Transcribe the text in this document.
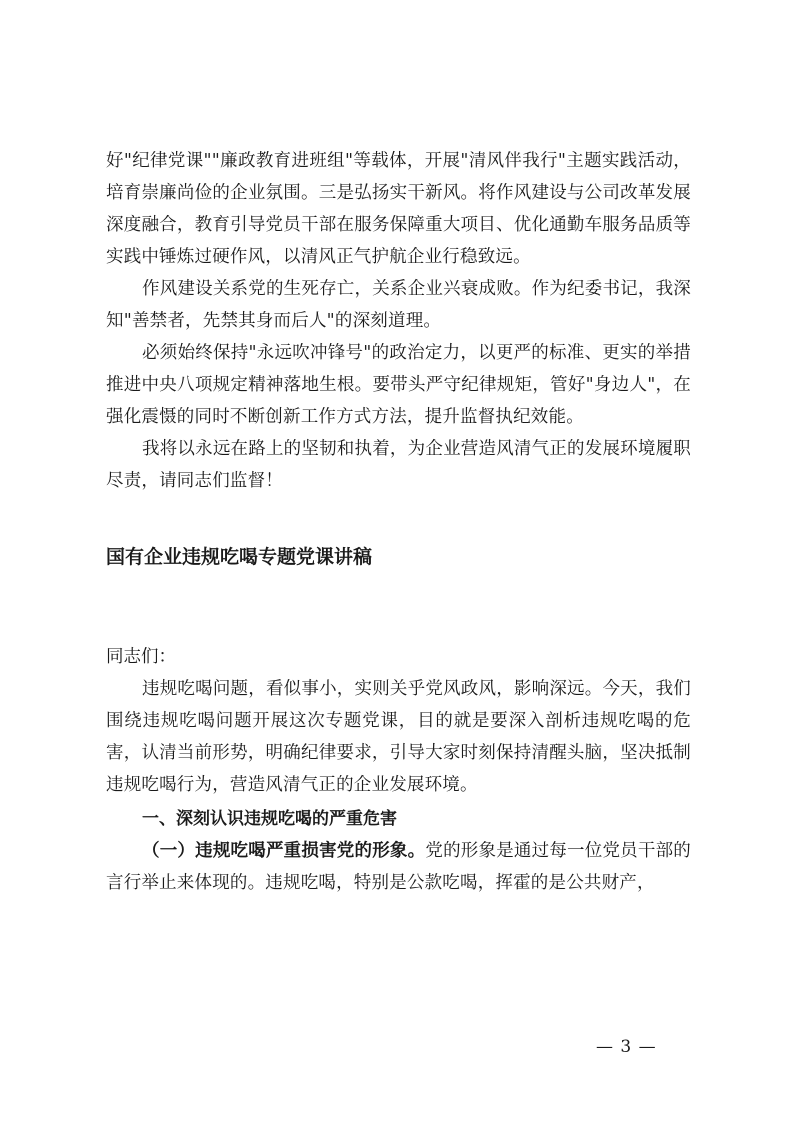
好"纪律党课""廉政教育进班组"等载体，开展"清风伴我行"主题实践活动，培育崇廉尚俭的企业氛围。三是弘扬实干新风。将作风建设与公司改革发展深度融合，教育引导党员干部在服务保障重大项目、优化通勤车服务品质等实践中锤炼过硬作风，以清风正气护航企业行稳致远。

作风建设关系党的生死存亡，关系企业兴衰成败。作为纪委书记，我深知"善禁者，先禁其身而后人"的深刻道理。

必须始终保持"永远吹冲锋号"的政治定力，以更严的标准、更实的举措推进中央八项规定精神落地生根。要带头严守纪律规矩，管好"身边人"，在强化震慑的同时不断创新工作方式方法，提升监督执纪效能。

我将以永远在路上的坚韧和执着，为企业营造风清气正的发展环境履职尽责，请同志们监督！

国有企业违规吃喝专题党课讲稿

同志们：

违规吃喝问题，看似事小，实则关乎党风政风，影响深远。今天，我们围绕违规吃喝问题开展这次专题党课，目的就是要深入剖析违规吃喝的危害，认清当前形势，明确纪律要求，引导大家时刻保持清醒头脑，坚决抵制违规吃喝行为，营造风清气正的企业发展环境。

一、深刻认识违规吃喝的严重危害

（一）违规吃喝严重损害党的形象。党的形象是通过每一位党员干部的言行举止来体现的。违规吃喝，特别是公款吃喝，挥霍的是公共财产，

— 3 —
